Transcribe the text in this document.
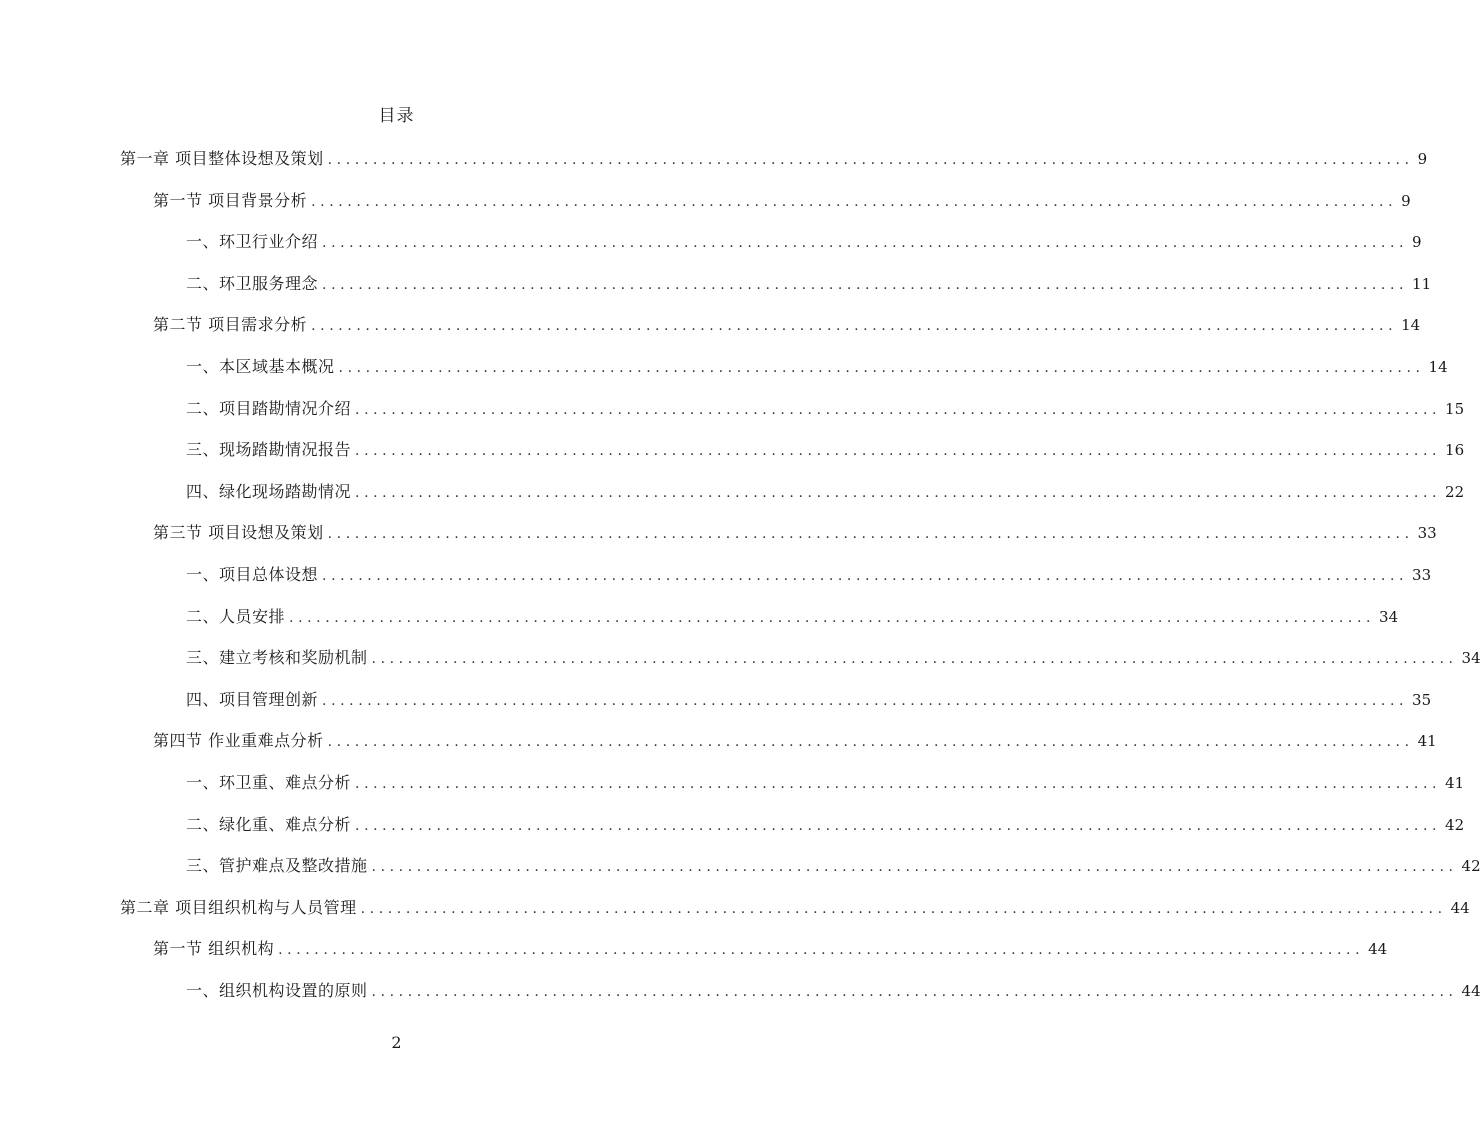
目录
第一章 项目整体设想及策划 ........................................................................................................................ 9
第一节 项目背景分析 ........................................................................................................................ 9
一、环卫行业介绍 ........................................................................................................................ 9
二、环卫服务理念 ........................................................................................................................ 11
第二节 项目需求分析 ........................................................................................................................ 14
一、本区域基本概况 ........................................................................................................................ 14
二、项目踏勘情况介绍 ........................................................................................................................ 15
三、现场踏勘情况报告 ........................................................................................................................ 16
四、绿化现场踏勘情况 ........................................................................................................................ 22
第三节 项目设想及策划 ........................................................................................................................ 33
一、项目总体设想 ........................................................................................................................ 33
二、人员安排 ........................................................................................................................ 34
三、建立考核和奖励机制 ........................................................................................................................ 34
四、项目管理创新 ........................................................................................................................ 35
第四节 作业重难点分析 ........................................................................................................................ 41
一、环卫重、难点分析 ........................................................................................................................ 41
二、绿化重、难点分析 ........................................................................................................................ 42
三、管护难点及整改措施 ........................................................................................................................ 42
第二章 项目组织机构与人员管理 ........................................................................................................................ 44
第一节 组织机构 ........................................................................................................................ 44
一、组织机构设置的原则 ........................................................................................................................ 44
2
